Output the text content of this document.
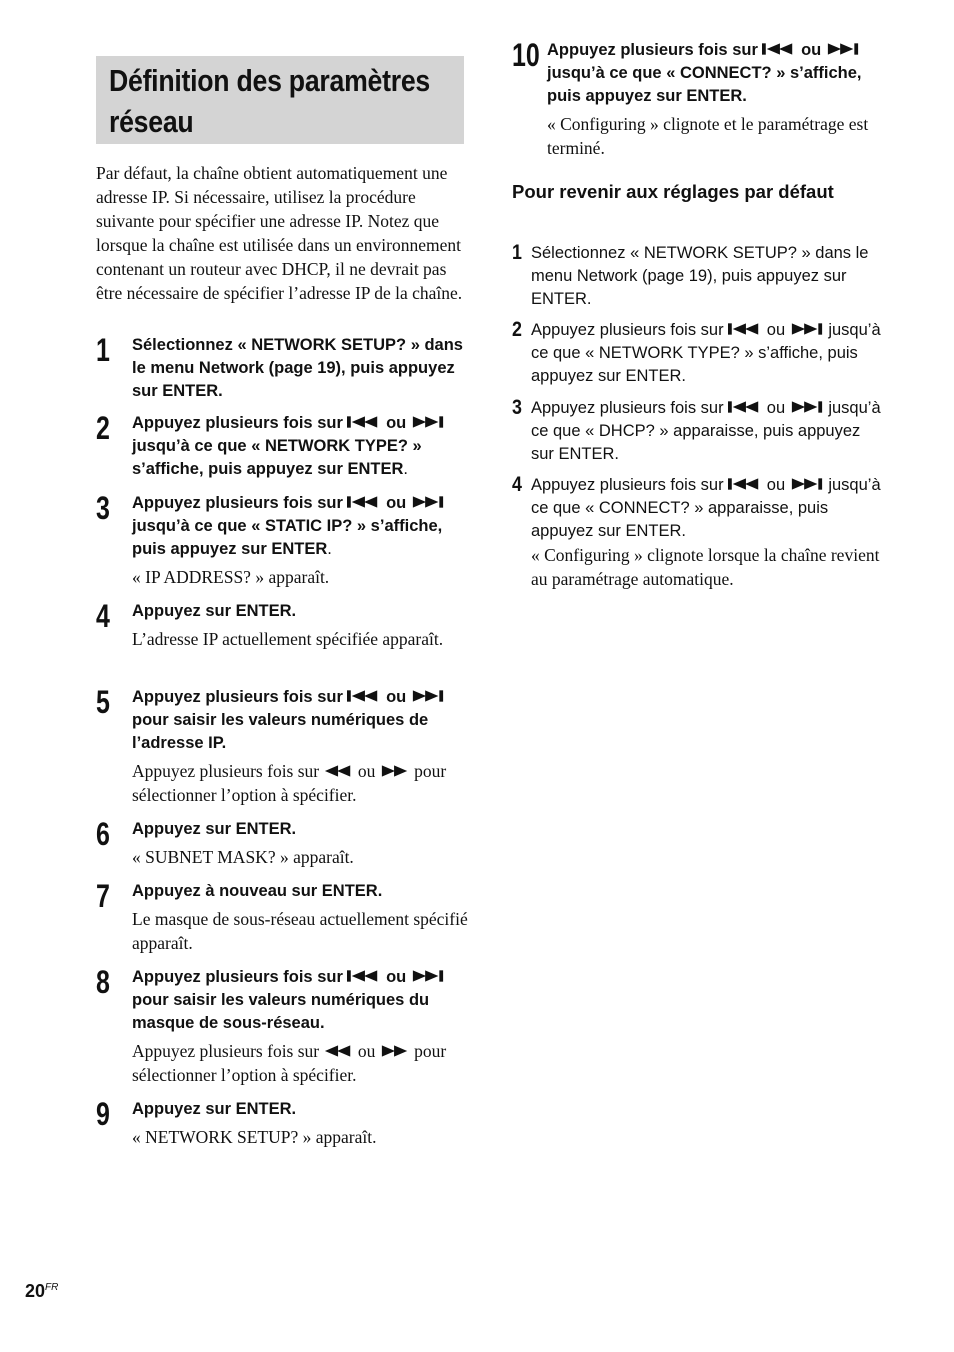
Définition des paramètres
réseau
Par défaut, la chaîne obtient automatiquement une adresse IP. Si nécessaire, utilisez la procédure suivante pour spécifier une adresse IP. Notez que lorsque la chaîne est utilisée dans un environnement contenant un routeur avec DHCP, il ne devrait pas être nécessaire de spécifier l’adresse IP de la chaîne.
1 Sélectionnez « NETWORK SETUP? » dans le menu Network (page 19), puis appuyez sur ENTER.
2 Appuyez plusieurs fois sur	ou  jusqu’à ce que « NETWORK TYPE? » s’affiche, puis appuyez sur ENTER.
3 Appuyez plusieurs fois sur	ou  jusqu’à ce que « STATIC IP? » s’affiche, puis appuyez sur ENTER.
« IP ADDRESS? » apparaît.
4 Appuyez sur ENTER.
L’adresse IP actuellement spécifiée apparaît.
5 Appuyez plusieurs fois sur	ou  pour saisir les valeurs numériques de l’adresse IP.
Appuyez plusieurs fois sur ou pour sélectionner l’option à spécifier.
6 Appuyez sur ENTER.
« SUBNET MASK? » apparaît.
7 Appuyez à nouveau sur ENTER.
Le masque de sous-réseau actuellement spécifié apparaît.
8 Appuyez plusieurs fois sur	ou  pour saisir les valeurs numériques du masque de sous-réseau.
Appuyez plusieurs fois sur ou pour sélectionner l’option à spécifier.
9 Appuyez sur ENTER.
« NETWORK SETUP? » apparaît.
10 Appuyez plusieurs fois sur	ou  jusqu’à ce que « CONNECT? » s’affiche, puis appuyez sur ENTER.
« Configuring » clignote et le paramétrage est terminé.
Pour revenir aux réglages par défaut
1 Sélectionnez « NETWORK SETUP? » dans le menu Network (page 19), puis appuyez sur ENTER.
2 Appuyez plusieurs fois sur	ou	jusqu’à ce que « NETWORK TYPE? » s’affiche, puis appuyez sur ENTER.
3 Appuyez plusieurs fois sur	ou	jusqu’à ce que « DHCP? » apparaisse, puis appuyez sur ENTER.
4 Appuyez plusieurs fois sur	ou	jusqu’à ce que « CONNECT? » apparaisse, puis appuyez sur ENTER.
« Configuring » clignote lorsque la chaîne revient au paramétrage automatique.
$20^{FR}$
